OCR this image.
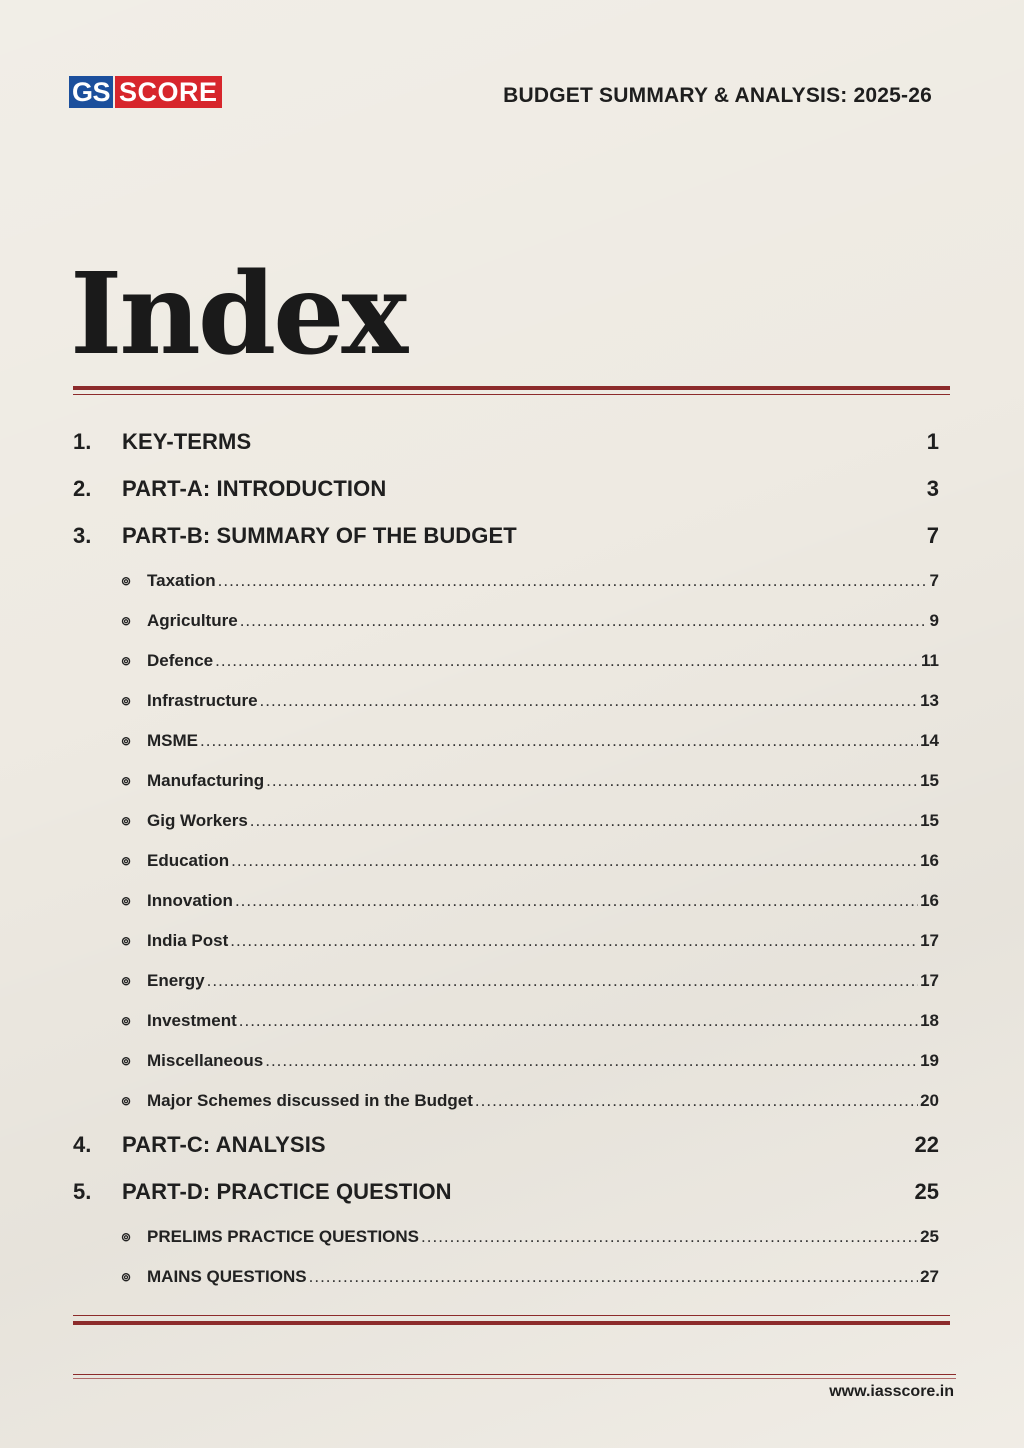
GS SCORE	BUDGET SUMMARY & ANALYSIS: 2025-26
Index
1.	KEY-TERMS	1
2.	PART-A: INTRODUCTION	3
3.	PART-B: SUMMARY OF THE BUDGET	7
⊚ Taxation .....	7
⊚ Agriculture .....	9
⊚ Defence .....	11
⊚ Infrastructure .....	13
⊚ MSME .....	14
⊚ Manufacturing .....	15
⊚ Gig Workers .....	15
⊚ Education .....	16
⊚ Innovation .....	16
⊚ India Post .....	17
⊚ Energy .....	17
⊚ Investment .....	18
⊚ Miscellaneous .....	19
⊚ Major Schemes discussed in the Budget .....	20
4.	PART-C: ANALYSIS	22
5.	PART-D: PRACTICE QUESTION	25
⊚ PRELIMS PRACTICE QUESTIONS .....	25
⊚ MAINS QUESTIONS .....	27
www.iasscore.in
